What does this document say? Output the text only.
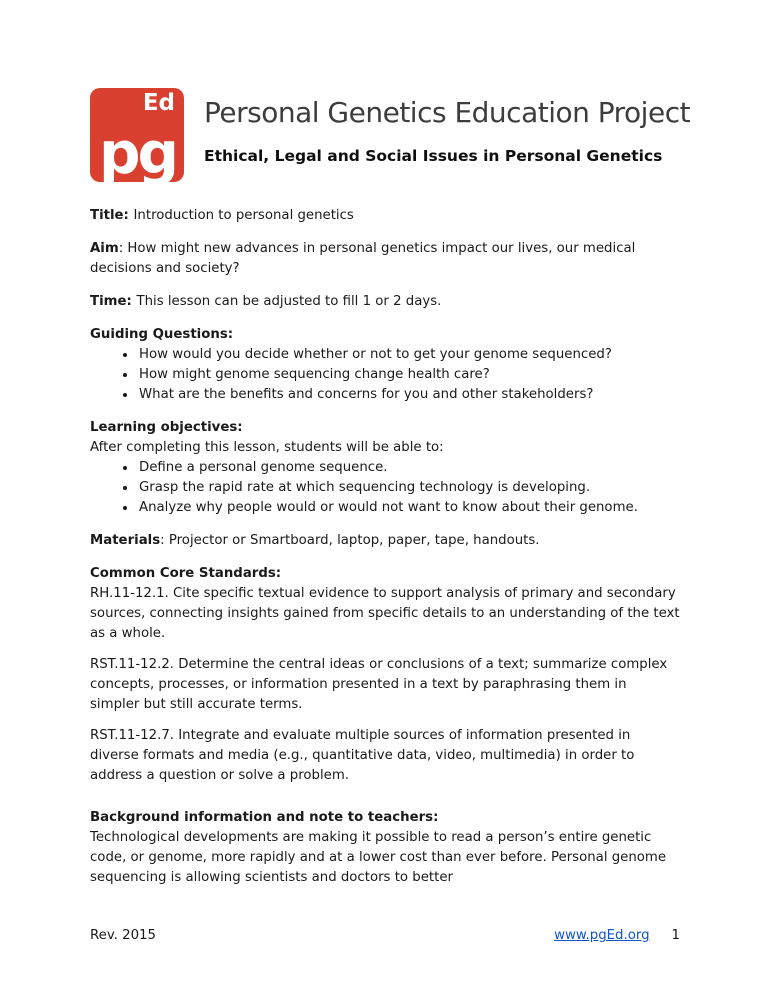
Ed
pg
Personal Genetics Education Project
Ethical, Legal and Social Issues in Personal Genetics

Title: Introduction to personal genetics

Aim: How might new advances in personal genetics impact our lives, our medical decisions and society?

Time: This lesson can be adjusted to fill 1 or 2 days.

Guiding Questions:

• How would you decide whether or not to get your genome sequenced?
• How might genome sequencing change health care?
• What are the benefits and concerns for you and other stakeholders?

Learning objectives:

After completing this lesson, students will be able to:

• Define a personal genome sequence.
• Grasp the rapid rate at which sequencing technology is developing.
• Analyze why people would or would not want to know about their genome.

Materials: Projector or Smartboard, laptop, paper, tape, handouts.

Common Core Standards:

RH.11-12.1. Cite specific textual evidence to support analysis of primary and secondary sources, connecting insights gained from specific details to an understanding of the text as a whole.

RST.11-12.2. Determine the central ideas or conclusions of a text; summarize complex concepts, processes, or information presented in a text by paraphrasing them in simpler but still accurate terms.

RST.11-12.7. Integrate and evaluate multiple sources of information presented in diverse formats and media (e.g., quantitative data, video, multimedia) in order to address a question or solve a problem.

Background information and note to teachers:

Technological developments are making it possible to read a person’s entire genetic code, or genome, more rapidly and at a lower cost than ever before. Personal genome sequencing is allowing scientists and doctors to better

Rev. 2015	www.pgEd.org 1
